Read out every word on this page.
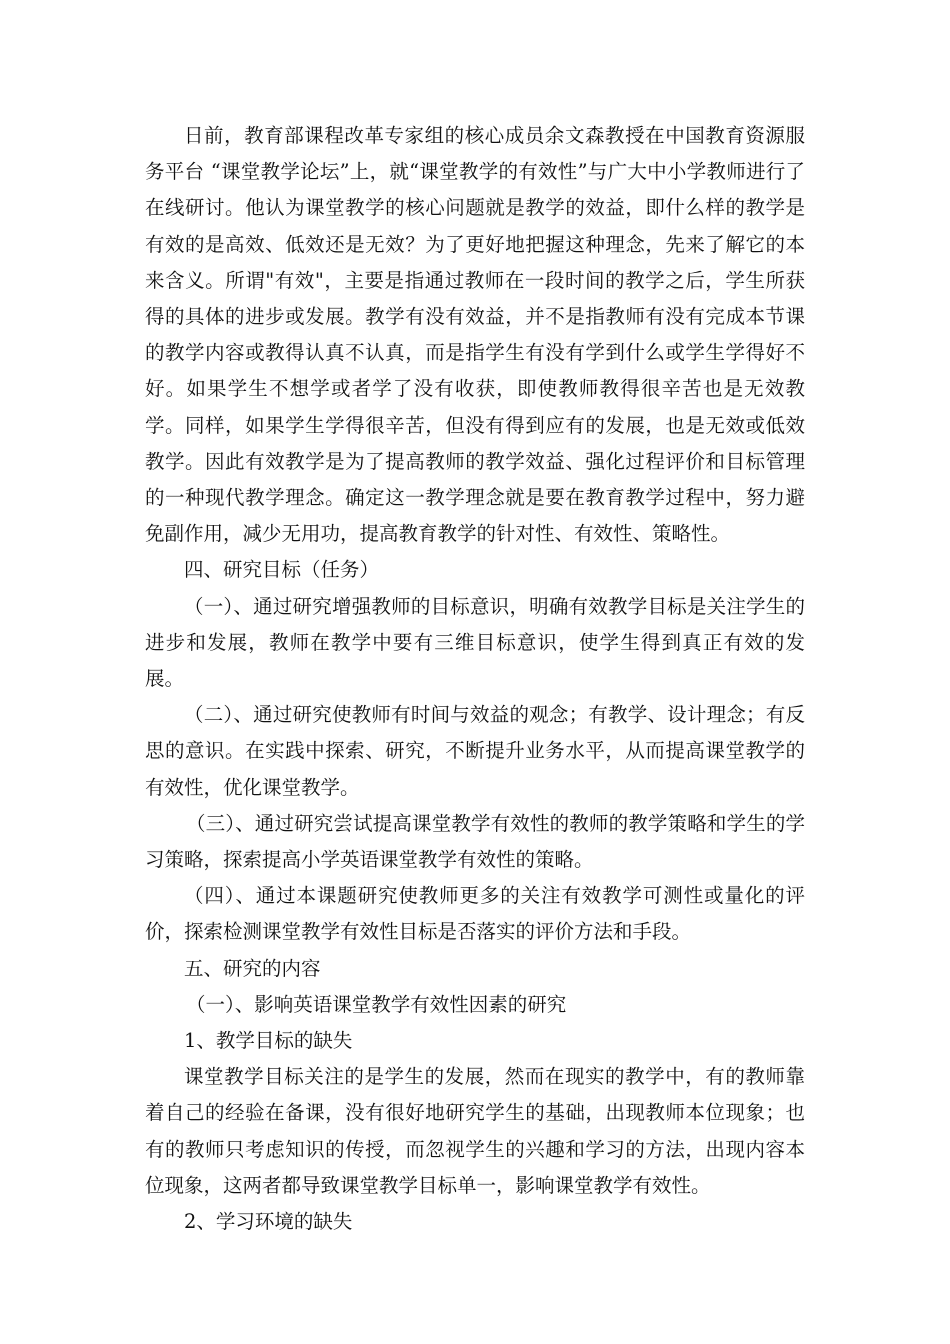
日前，教育部课程改革专家组的核心成员余文森教授在中国教育资源服务平台 “课堂教学论坛”上，就“课堂教学的有效性”与广大中小学教师进行了在线研讨。他认为课堂教学的核心问题就是教学的效益，即什么样的教学是有效的是高效、低效还是无效？为了更好地把握这种理念，先来了解它的本来含义。所谓"有效"，主要是指通过教师在一段时间的教学之后，学生所获得的具体的进步或发展。教学有没有效益，并不是指教师有没有完成本节课的教学内容或教得认真不认真，而是指学生有没有学到什么或学生学得好不好。如果学生不想学或者学了没有收获，即使教师教得很辛苦也是无效教学。同样，如果学生学得很辛苦，但没有得到应有的发展，也是无效或低效教学。因此有效教学是为了提高教师的教学效益、强化过程评价和目标管理的一种现代教学理念。确定这一教学理念就是要在教育教学过程中，努力避免副作用，减少无用功，提高教育教学的针对性、有效性、策略性。

四、研究目标（任务）

（一）、通过研究增强教师的目标意识，明确有效教学目标是关注学生的进步和发展，教师在教学中要有三维目标意识，使学生得到真正有效的发展。

（二）、通过研究使教师有时间与效益的观念；有教学、设计理念；有反思的意识。在实践中探索、研究，不断提升业务水平，从而提高课堂教学的有效性，优化课堂教学。

（三）、通过研究尝试提高课堂教学有效性的教师的教学策略和学生的学习策略，探索提高小学英语课堂教学有效性的策略。

（四）、通过本课题研究使教师更多的关注有效教学可测性或量化的评价，探索检测课堂教学有效性目标是否落实的评价方法和手段。

五、研究的内容

（一）、影响英语课堂教学有效性因素的研究

1、教学目标的缺失

课堂教学目标关注的是学生的发展，然而在现实的教学中，有的教师靠着自己的经验在备课，没有很好地研究学生的基础，出现教师本位现象；也有的教师只考虑知识的传授，而忽视学生的兴趣和学习的方法，出现内容本位现象，这两者都导致课堂教学目标单一，影响课堂教学有效性。

2、学习环境的缺失
